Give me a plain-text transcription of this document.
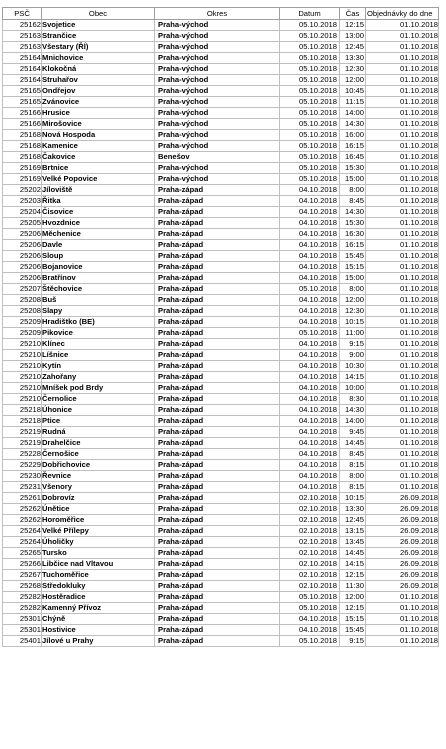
PSČ	Obec	Okres	Datum	Čas	Objednávky do dne
25162	Svojetice	Praha-východ	05.10.2018	12:15	01.10.2018
25163	Strančice	Praha-východ	05.10.2018	13:00	01.10.2018
25163	Všestary (ŘÍ)	Praha-východ	05.10.2018	12:45	01.10.2018
25164	Mnichovice	Praha-východ	05.10.2018	13:30	01.10.2018
25164	Klokočná	Praha-východ	05.10.2018	12:30	01.10.2018
25164	Struhařov	Praha-východ	05.10.2018	12:00	01.10.2018
25165	Ondřejov	Praha-východ	05.10.2018	10:45	01.10.2018
25165	Zvánovice	Praha-východ	05.10.2018	11:15	01.10.2018
25166	Hrusice	Praha-východ	05.10.2018	14:00	01.10.2018
25166	Mirošovice	Praha-východ	05.10.2018	14:30	01.10.2018
25168	Nová Hospoda	Praha-východ	05.10.2018	16:00	01.10.2018
25168	Kamenice	Praha-východ	05.10.2018	16:15	01.10.2018
25168	Čakovice	Benešov	05.10.2018	16:45	01.10.2018
25169	Brtnice	Praha-východ	05.10.2018	15:30	01.10.2018
25169	Velké Popovice	Praha-východ	05.10.2018	15:00	01.10.2018
25202	Jíloviště	Praha-západ	04.10.2018	8:00	01.10.2018
25203	Řitka	Praha-západ	04.10.2018	8:45	01.10.2018
25204	Čisovice	Praha-západ	04.10.2018	14:30	01.10.2018
25205	Hvozdnice	Praha-západ	04.10.2018	15:30	01.10.2018
25206	Měchenice	Praha-západ	04.10.2018	16:30	01.10.2018
25206	Davle	Praha-západ	04.10.2018	16:15	01.10.2018
25206	Sloup	Praha-západ	04.10.2018	15:45	01.10.2018
25206	Bojanovice	Praha-západ	04.10.2018	15:15	01.10.2018
25206	Bratřínov	Praha-západ	04.10.2018	15:00	01.10.2018
25207	Štěchovice	Praha-západ	05.10.2018	8:00	01.10.2018
25208	Buš	Praha-západ	04.10.2018	12:00	01.10.2018
25208	Slapy	Praha-západ	04.10.2018	12:30	01.10.2018
25209	Hradištko (BE)	Praha-západ	04.10.2018	10:15	01.10.2018
25209	Pikovice	Praha-západ	05.10.2018	11:00	01.10.2018
25210	Klínec	Praha-západ	04.10.2018	9:15	01.10.2018
25210	Líšnice	Praha-západ	04.10.2018	9:00	01.10.2018
25210	Kytín	Praha-západ	04.10.2018	10:30	01.10.2018
25210	Zahořany	Praha-západ	04.10.2018	14:15	01.10.2018
25210	Mníšek pod Brdy	Praha-západ	04.10.2018	10:00	01.10.2018
25210	Černolice	Praha-západ	04.10.2018	8:30	01.10.2018
25218	Úhonice	Praha-západ	04.10.2018	14:30	01.10.2018
25218	Ptice	Praha-západ	04.10.2018	14:00	01.10.2018
25219	Rudná	Praha-západ	04.10.2018	9:45	01.10.2018
25219	Drahelčice	Praha-západ	04.10.2018	14:45	01.10.2018
25228	Černošice	Praha-západ	04.10.2018	8:45	01.10.2018
25229	Dobřichovice	Praha-západ	04.10.2018	8:15	01.10.2018
25230	Řevnice	Praha-západ	04.10.2018	8:00	01.10.2018
25231	Všenory	Praha-západ	04.10.2018	8:15	01.10.2018
25261	Dobrovíz	Praha-západ	02.10.2018	10:15	26.09.2018
25262	Únětice	Praha-západ	02.10.2018	13:30	26.09.2018
25262	Horoměřice	Praha-západ	02.10.2018	12:45	26.09.2018
25264	Velké Přílepy	Praha-západ	02.10.2018	13:15	26.09.2018
25264	Úholičky	Praha-západ	02.10.2018	13:45	26.09.2018
25265	Tursko	Praha-západ	02.10.2018	14:45	26.09.2018
25266	Libčice nad Vltavou	Praha-západ	02.10.2018	14:15	26.09.2018
25267	Tuchoměřice	Praha-západ	02.10.2018	12:15	26.09.2018
25268	Středokluky	Praha-západ	02.10.2018	11:30	26.09.2018
25282	Hostěradice	Praha-západ	05.10.2018	12:00	01.10.2018
25282	Kamenný Přívoz	Praha-západ	05.10.2018	12:15	01.10.2018
25301	Chýně	Praha-západ	04.10.2018	15:15	01.10.2018
25301	Hostivice	Praha-západ	04.10.2018	15:45	01.10.2018
25401	Jílové u Prahy	Praha-západ	05.10.2018	9:15	01.10.2018
